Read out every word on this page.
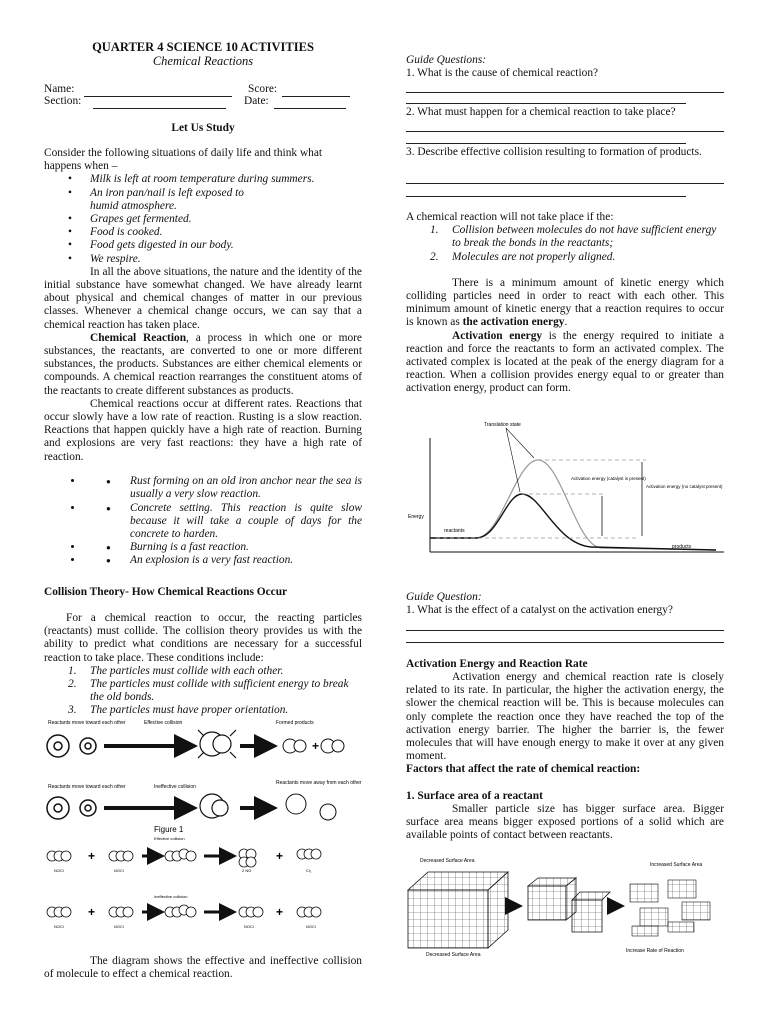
QUARTER 4 SCIENCE 10 ACTIVITIES
Chemical Reactions
Name:	Score:
Section:	Date:
Let Us Study

Consider the following situations of daily life and think what happens when –

• Milk is left at room temperature during summers.
• An iron pan/nail is left exposed to humid atmosphere.
• Grapes get fermented.
• Food is cooked.
• Food gets digested in our body.
• We respire.

In all the above situations, the nature and the identity of the initial substance have somewhat changed. We have already learnt about physical and chemical changes of matter in our previous classes. Whenever a chemical change occurs, we can say that a chemical reaction has taken place.

Chemical Reaction, a process in which one or more substances, the reactants, are converted to one or more different substances, the products. Substances are either chemical elements or compounds. A chemical reaction rearranges the constituent atoms of the reactants to create different substances as products.

Chemical reactions occur at different rates. Reactions that occur slowly have a low rate of reaction. Rusting is a slow reaction. Reactions that happen quickly have a high rate of reaction. Burning and explosions are very fast reactions: they have a high rate of reaction.

● • Rust forming on an old iron anchor near the sea is usually a very slow reaction.
● • Concrete setting. This reaction is quite slow because it will take a couple of days for the concrete to harden.
● • Burning is a fast reaction.
● • An explosion is a very fast reaction.
Collision Theory- How Chemical Reactions Occur

For a chemical reaction to occur, the reacting particles (reactants) must collide. The collision theory provides us with the ability to predict what conditions are necessary for a successful reaction to take place. These conditions include:

1. The particles must collide with each other.
2. The particles must collide with sufficient energy to break the old bonds.
3. The particles must have proper orientation.
Reactants move toward each other	Effective collision	Formed products
+
Reactants move toward each other	Ineffective collision
Reactants move away from each other
Figure 1
Effective collision
+	+
NOCl	NOCl	2 NO	Cl₂
Ineffective collision
+	+
NOCl	NOCl	NOCl	NOCl

The diagram shows the effective and ineffective collision of molecule to effect a chemical reaction.

Guide Questions:
1. What is the cause of chemical reaction?
2. What must happen for a chemical reaction to take place?
3. Describe effective collision resulting to formation of products.

A chemical reaction will not take place if the:

1. Collision between molecules do not have sufficient energy to break the bonds in the reactants;
2. Molecules are not properly aligned.

There is a minimum amount of kinetic energy which colliding particles need in order to react with each other. This minimum amount of kinetic energy that a reaction requires to occur is known as the activation energy.

Activation energy is the energy required to initiate a reaction and force the reactants to form an activated complex. The activated complex is located at the peak of the energy diagram for a reaction. When a collision provides energy equal to or greater than activation energy, product can form.

Energy
Translation state
Activation energy (catalyst is present)
Activation energy (no catalyst present)
reactants
products
Guide Question:
1. What is the effect of a catalyst on the activation energy?
Activation Energy and Reaction Rate

Activation energy and chemical reaction rate is closely related to its rate. In particular, the higher the activation energy, the slower the chemical reaction will be. This is because molecules can only complete the reaction once they have reached the top of the activation energy barrier. The higher the barrier is, the fewer molecules that will have enough energy to make it over at any given moment.

Factors that affect the rate of chemical reaction:

1. Surface area of a reactant

Smaller particle size has bigger surface area. Bigger surface area means bigger exposed portions of a solid which are available points of contact between reactants.

Decreased Surface Area
Increased Surface Area
Decreased Surface Area
Increase Rate of Reaction
